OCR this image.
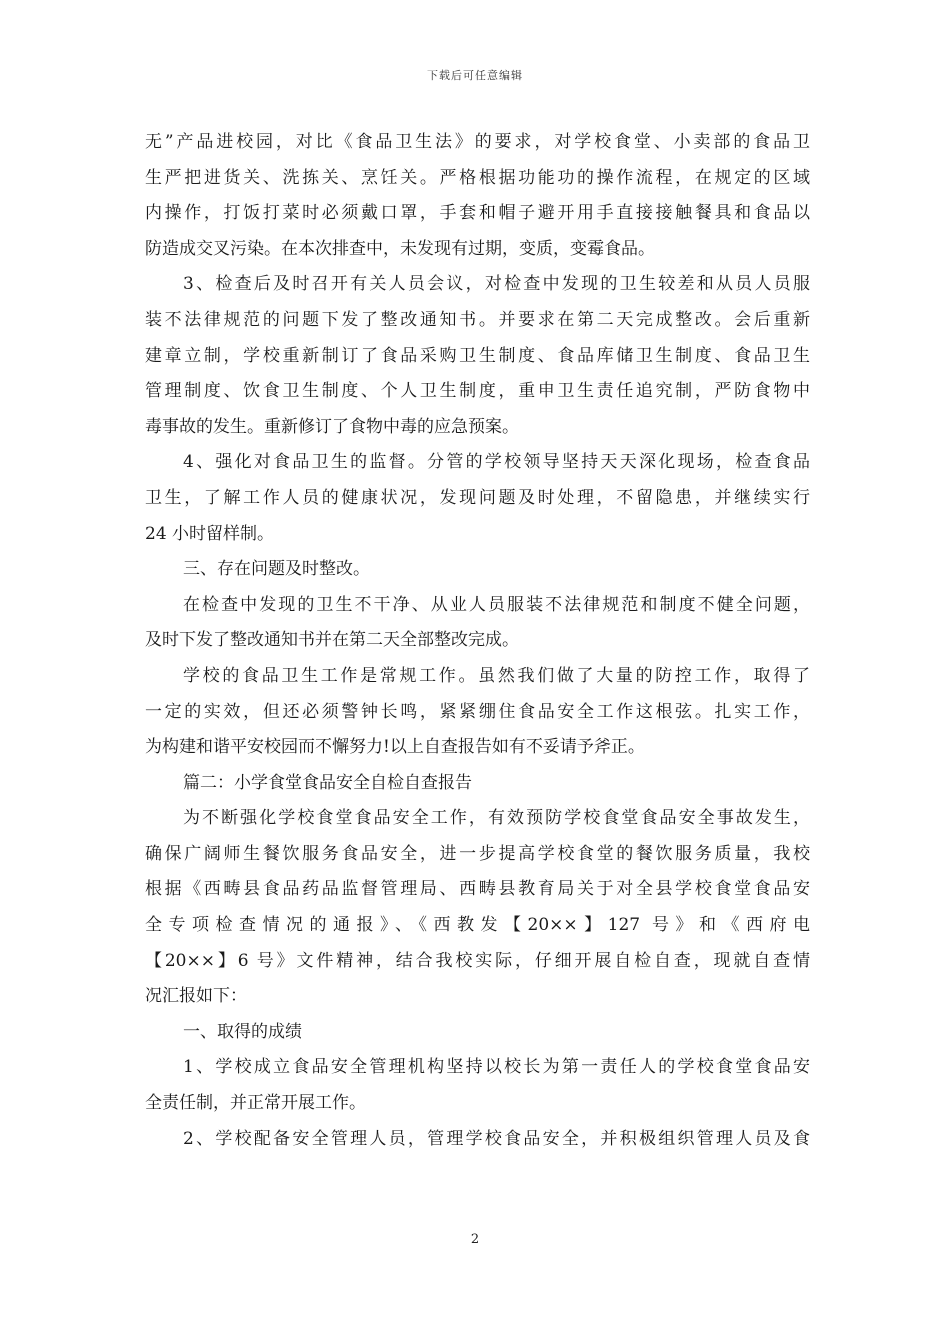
下载后可任意编辑
无”产品进校园，对比《食品卫生法》的要求，对学校食堂、小卖部的食品卫
生严把进货关、洗拣关、烹饪关。严格根据功能功的操作流程，在规定的区域
内操作，打饭打菜时必须戴口罩，手套和帽子避开用手直接接触餐具和食品以
防造成交叉污染。在本次排查中，未发现有过期，变质，变霉食品。
3、检查后及时召开有关人员会议，对检查中发现的卫生较差和从员人员服
装不法律规范的问题下发了整改通知书。并要求在第二天完成整改。会后重新
建章立制，学校重新制订了食品采购卫生制度、食品库储卫生制度、食品卫生
管理制度、饮食卫生制度、个人卫生制度，重申卫生责任追究制，严防食物中
毒事故的发生。重新修订了食物中毒的应急预案。
4、强化对食品卫生的监督。分管的学校领导坚持天天深化现场，检查食品
卫生，了解工作人员的健康状况，发现问题及时处理，不留隐患，并继续实行
24 小时留样制。
三、存在问题及时整改。
在检查中发现的卫生不干净、从业人员服装不法律规范和制度不健全问题，
及时下发了整改通知书并在第二天全部整改完成。
学校的食品卫生工作是常规工作。虽然我们做了大量的防控工作，取得了
一定的实效，但还必须警钟长鸣，紧紧绷住食品安全工作这根弦。扎实工作，
为构建和谐平安校园而不懈努力!以上自查报告如有不妥请予斧正。
篇二：小学食堂食品安全自检自查报告
为不断强化学校食堂食品安全工作，有效预防学校食堂食品安全事故发生，
确保广阔师生餐饮服务食品安全，进一步提高学校食堂的餐饮服务质量，我校
根据《西畴县食品药品监督管理局、西畴县教育局关于对全县学校食堂食品安
全专项检查情况的通报》、《西教发【20××】127 号》和《西府电
【20××】6 号》文件精神，结合我校实际，仔细开展自检自查，现就自查情
况汇报如下：
一、取得的成绩
1、学校成立食品安全管理机构坚持以校长为第一责任人的学校食堂食品安
全责任制，并正常开展工作。
2、学校配备安全管理人员，管理学校食品安全，并积极组织管理人员及食
2
